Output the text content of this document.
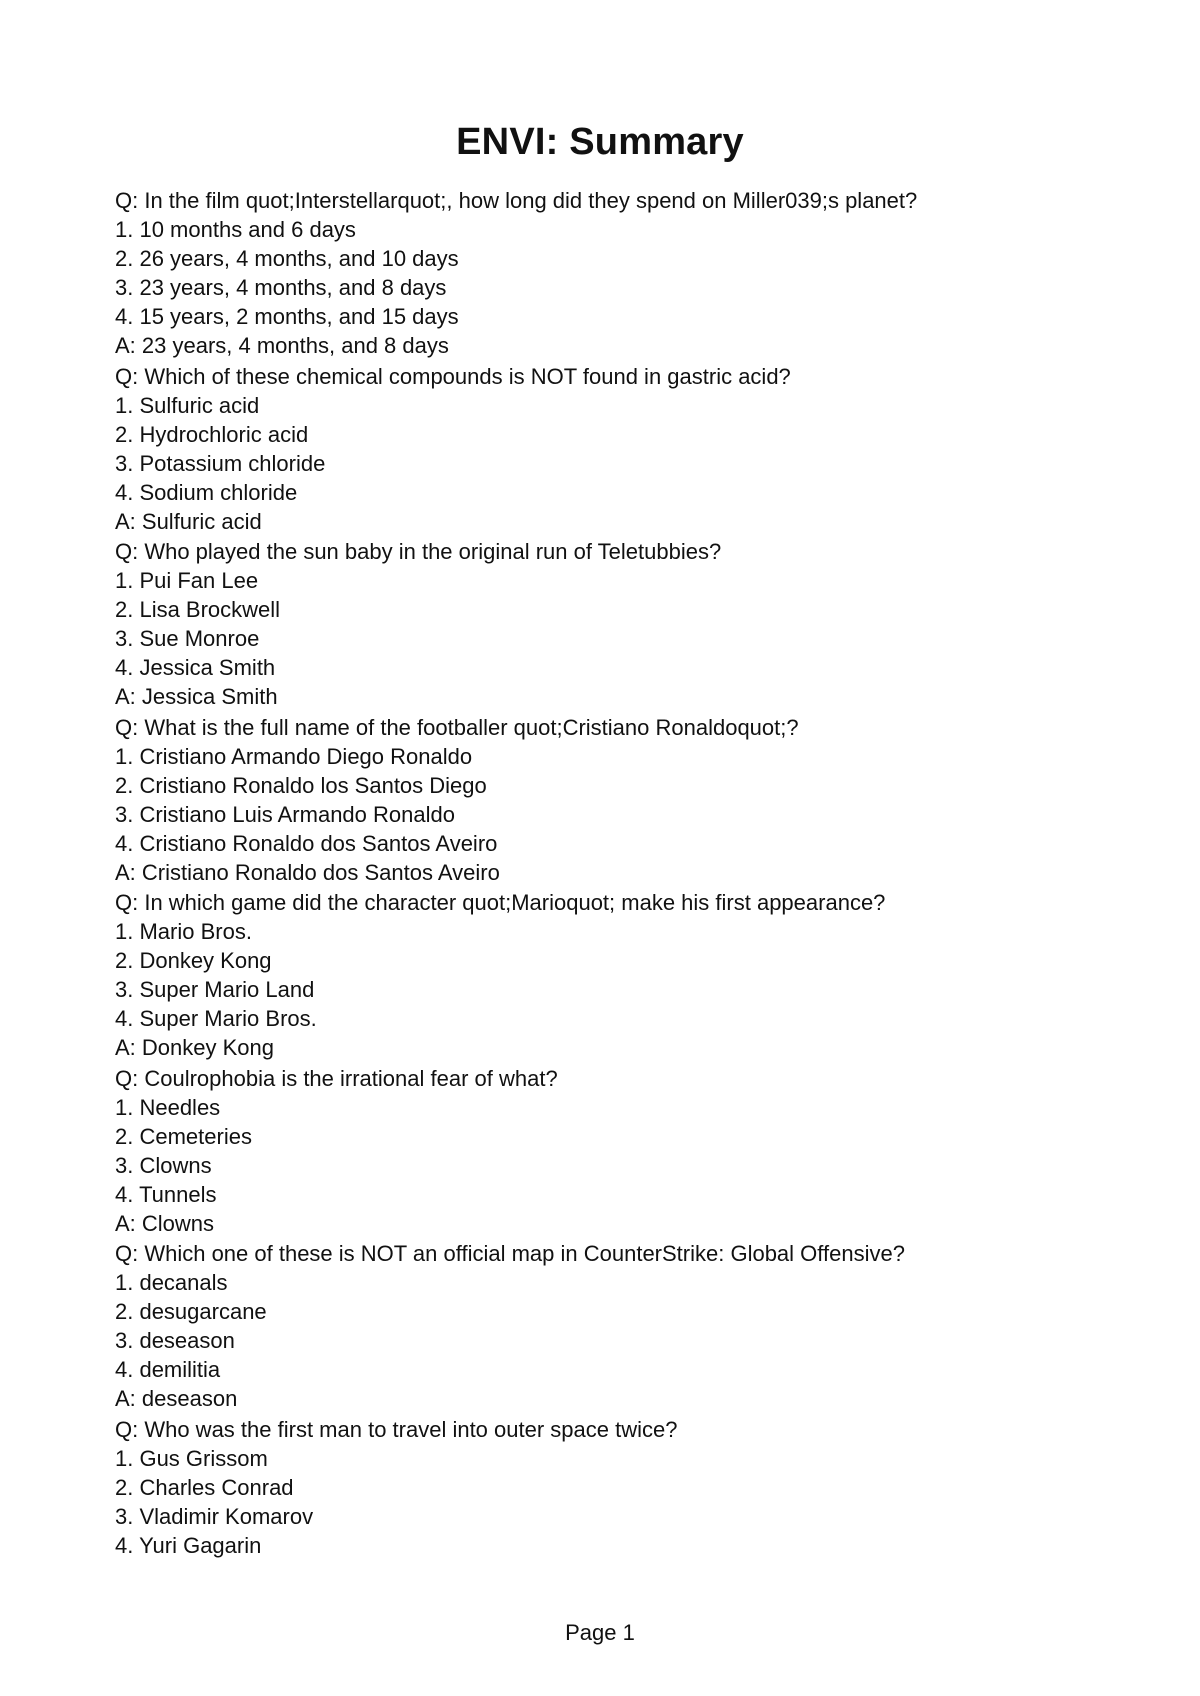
ENVI: Summary
Q: In the film quot;Interstellarquot;, how long did they spend on Miller039;s planet?
1. 10 months and 6 days
2. 26 years, 4 months, and 10 days
3. 23 years, 4 months, and 8 days
4. 15 years, 2 months, and 15 days
A: 23 years, 4 months, and 8 days
Q: Which of these chemical compounds is NOT found in gastric acid?
1. Sulfuric acid
2. Hydrochloric acid
3. Potassium chloride
4. Sodium chloride
A: Sulfuric acid
Q: Who played the sun baby in the original run of Teletubbies?
1. Pui Fan Lee
2. Lisa Brockwell
3. Sue Monroe
4. Jessica Smith
A: Jessica Smith
Q: What is the full name of the footballer quot;Cristiano Ronaldoquot;?
1. Cristiano Armando Diego Ronaldo
2. Cristiano Ronaldo los Santos Diego
3. Cristiano Luis Armando Ronaldo
4. Cristiano Ronaldo dos Santos Aveiro
A: Cristiano Ronaldo dos Santos Aveiro
Q: In which game did the character quot;Marioquot; make his first appearance?
1. Mario Bros.
2. Donkey Kong
3. Super Mario Land
4. Super Mario Bros.
A: Donkey Kong
Q: Coulrophobia is the irrational fear of what?
1. Needles
2. Cemeteries
3. Clowns
4. Tunnels
A: Clowns
Q: Which one of these is NOT an official map in CounterStrike: Global Offensive?
1. decanals
2. desugarcane
3. deseason
4. demilitia
A: deseason
Q: Who was the first man to travel into outer space twice?
1. Gus Grissom
2. Charles Conrad
3. Vladimir Komarov
4. Yuri Gagarin
Page 1
